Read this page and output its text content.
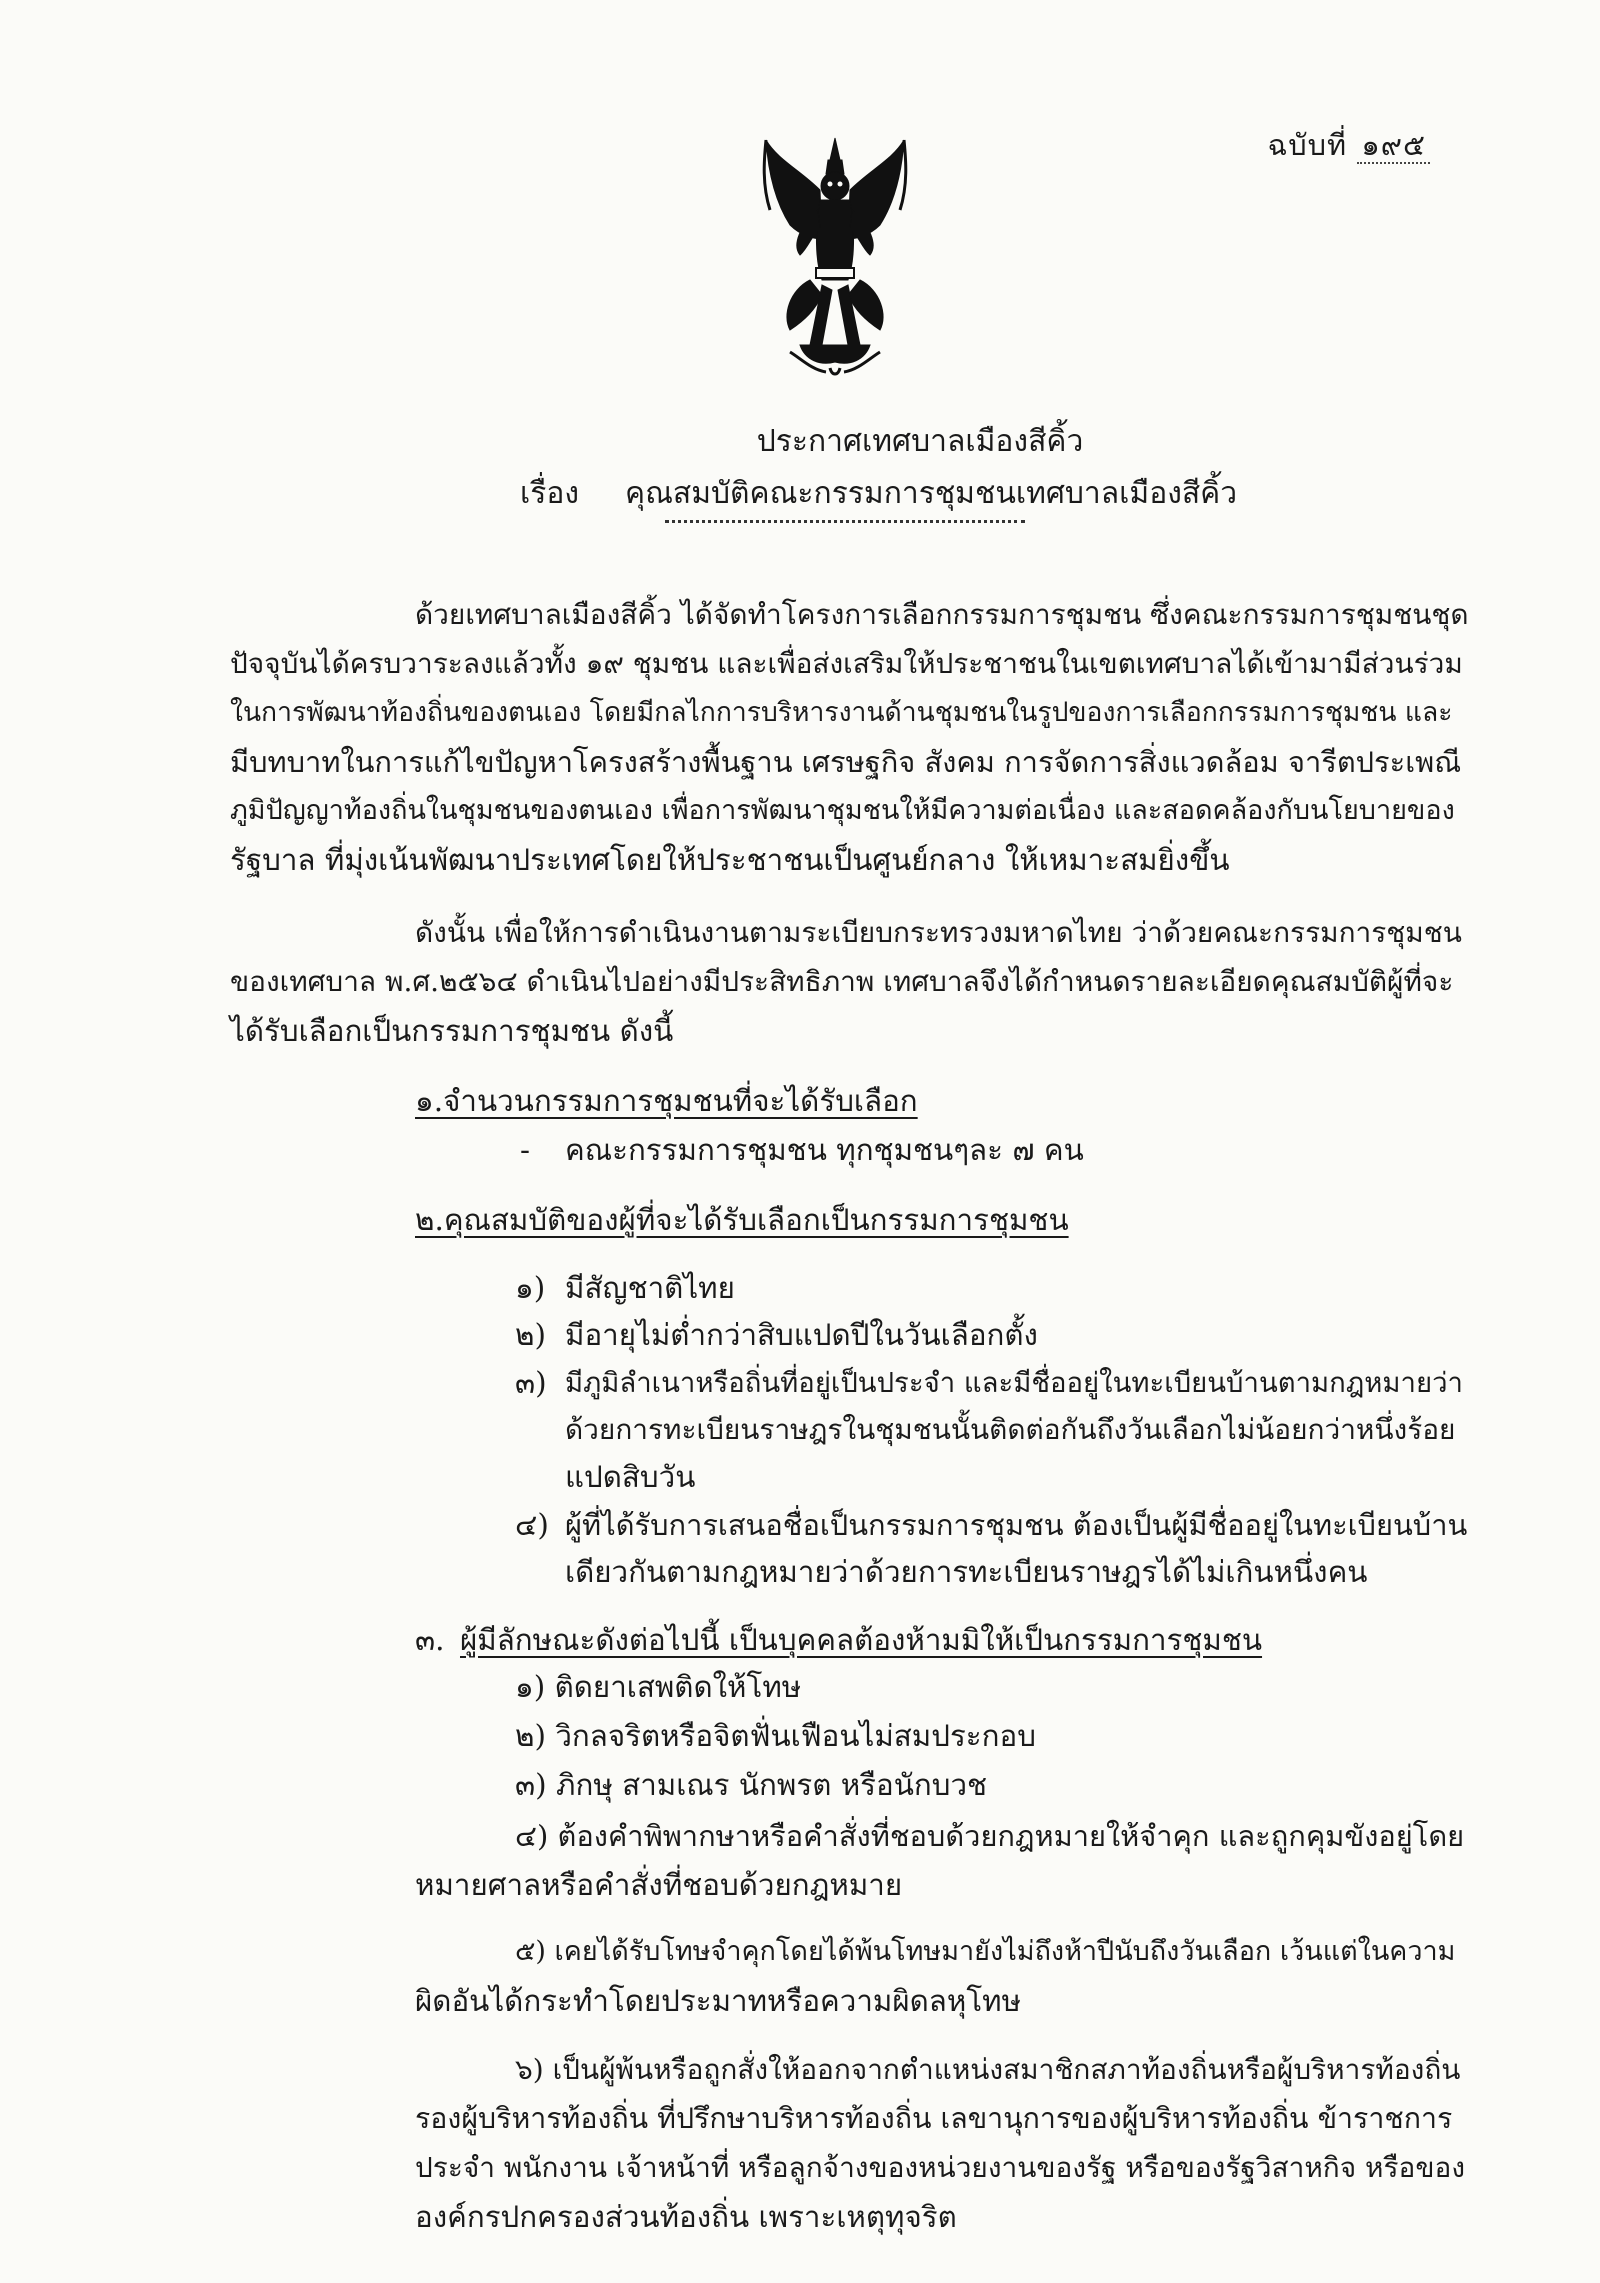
ฉบับที่ ๑๙๕
ประกาศเทศบาลเมืองสีคิ้ว
เรื่อง คุณสมบัติคณะกรรมการชุมชนเทศบาลเมืองสีคิ้ว
ด้วยเทศบาลเมืองสีคิ้ว ได้จัดทำโครงการเลือกกรรมการชุมชน ซึ่งคณะกรรมการชุมชนชุด
ปัจจุบันได้ครบวาระลงแล้วทั้ง ๑๙ ชุมชน และเพื่อส่งเสริมให้ประชาชนในเขตเทศบาลได้เข้ามามีส่วนร่วม
ในการพัฒนาท้องถิ่นของตนเอง โดยมีกลไกการบริหารงานด้านชุมชนในรูปของการเลือกกรรมการชุมชน และ
มีบทบาทในการแก้ไขปัญหาโครงสร้างพื้นฐาน เศรษฐกิจ สังคม การจัดการสิ่งแวดล้อม จารีตประเพณี
ภูมิปัญญาท้องถิ่นในชุมชนของตนเอง เพื่อการพัฒนาชุมชนให้มีความต่อเนื่อง และสอดคล้องกับนโยบายของ
รัฐบาล ที่มุ่งเน้นพัฒนาประเทศโดยให้ประชาชนเป็นศูนย์กลาง ให้เหมาะสมยิ่งขึ้น
ดังนั้น เพื่อให้การดำเนินงานตามระเบียบกระทรวงมหาดไทย ว่าด้วยคณะกรรมการชุมชน
ของเทศบาล พ.ศ.๒๕๖๔ ดำเนินไปอย่างมีประสิทธิภาพ เทศบาลจึงได้กำหนดรายละเอียดคุณสมบัติผู้ที่จะ
ได้รับเลือกเป็นกรรมการชุมชน ดังนี้
๑.จำนวนกรรมการชุมชนที่จะได้รับเลือก
- คณะกรรมการชุมชน ทุกชุมชนๆละ ๗ คน
๒.คุณสมบัติของผู้ที่จะได้รับเลือกเป็นกรรมการชุมชน
๑) มีสัญชาติไทย
๒) มีอายุไม่ต่ำกว่าสิบแปดปีในวันเลือกตั้ง
๓) มีภูมิลำเนาหรือถิ่นที่อยู่เป็นประจำ และมีชื่ออยู่ในทะเบียนบ้านตามกฎหมายว่า
ด้วยการทะเบียนราษฎรในชุมชนนั้นติดต่อกันถึงวันเลือกไม่น้อยกว่าหนึ่งร้อย
แปดสิบวัน
๔) ผู้ที่ได้รับการเสนอชื่อเป็นกรรมการชุมชน ต้องเป็นผู้มีชื่ออยู่ในทะเบียนบ้าน
เดียวกันตามกฎหมายว่าด้วยการทะเบียนราษฎรได้ไม่เกินหนึ่งคน
๓. ผู้มีลักษณะดังต่อไปนี้ เป็นบุคคลต้องห้ามมิให้เป็นกรรมการชุมชน
๑) ติดยาเสพติดให้โทษ
๒) วิกลจริตหรือจิตฟั่นเฟือนไม่สมประกอบ
๓) ภิกษุ สามเณร นักพรต หรือนักบวช
๔) ต้องคำพิพากษาหรือคำสั่งที่ชอบด้วยกฎหมายให้จำคุก และถูกคุมขังอยู่โดย
หมายศาลหรือคำสั่งที่ชอบด้วยกฎหมาย
๕) เคยได้รับโทษจำคุกโดยได้พ้นโทษมายังไม่ถึงห้าปีนับถึงวันเลือก เว้นแต่ในความ
ผิดอันได้กระทำโดยประมาทหรือความผิดลหุโทษ
๖) เป็นผู้พ้นหรือถูกสั่งให้ออกจากตำแหน่งสมาชิกสภาท้องถิ่นหรือผู้บริหารท้องถิ่น
รองผู้บริหารท้องถิ่น ที่ปรึกษาบริหารท้องถิ่น เลขานุการของผู้บริหารท้องถิ่น ข้าราชการ
ประจำ พนักงาน เจ้าหน้าที่ หรือลูกจ้างของหน่วยงานของรัฐ หรือของรัฐวิสาหกิจ หรือของ
องค์กรปกครองส่วนท้องถิ่น เพราะเหตุทุจริต
